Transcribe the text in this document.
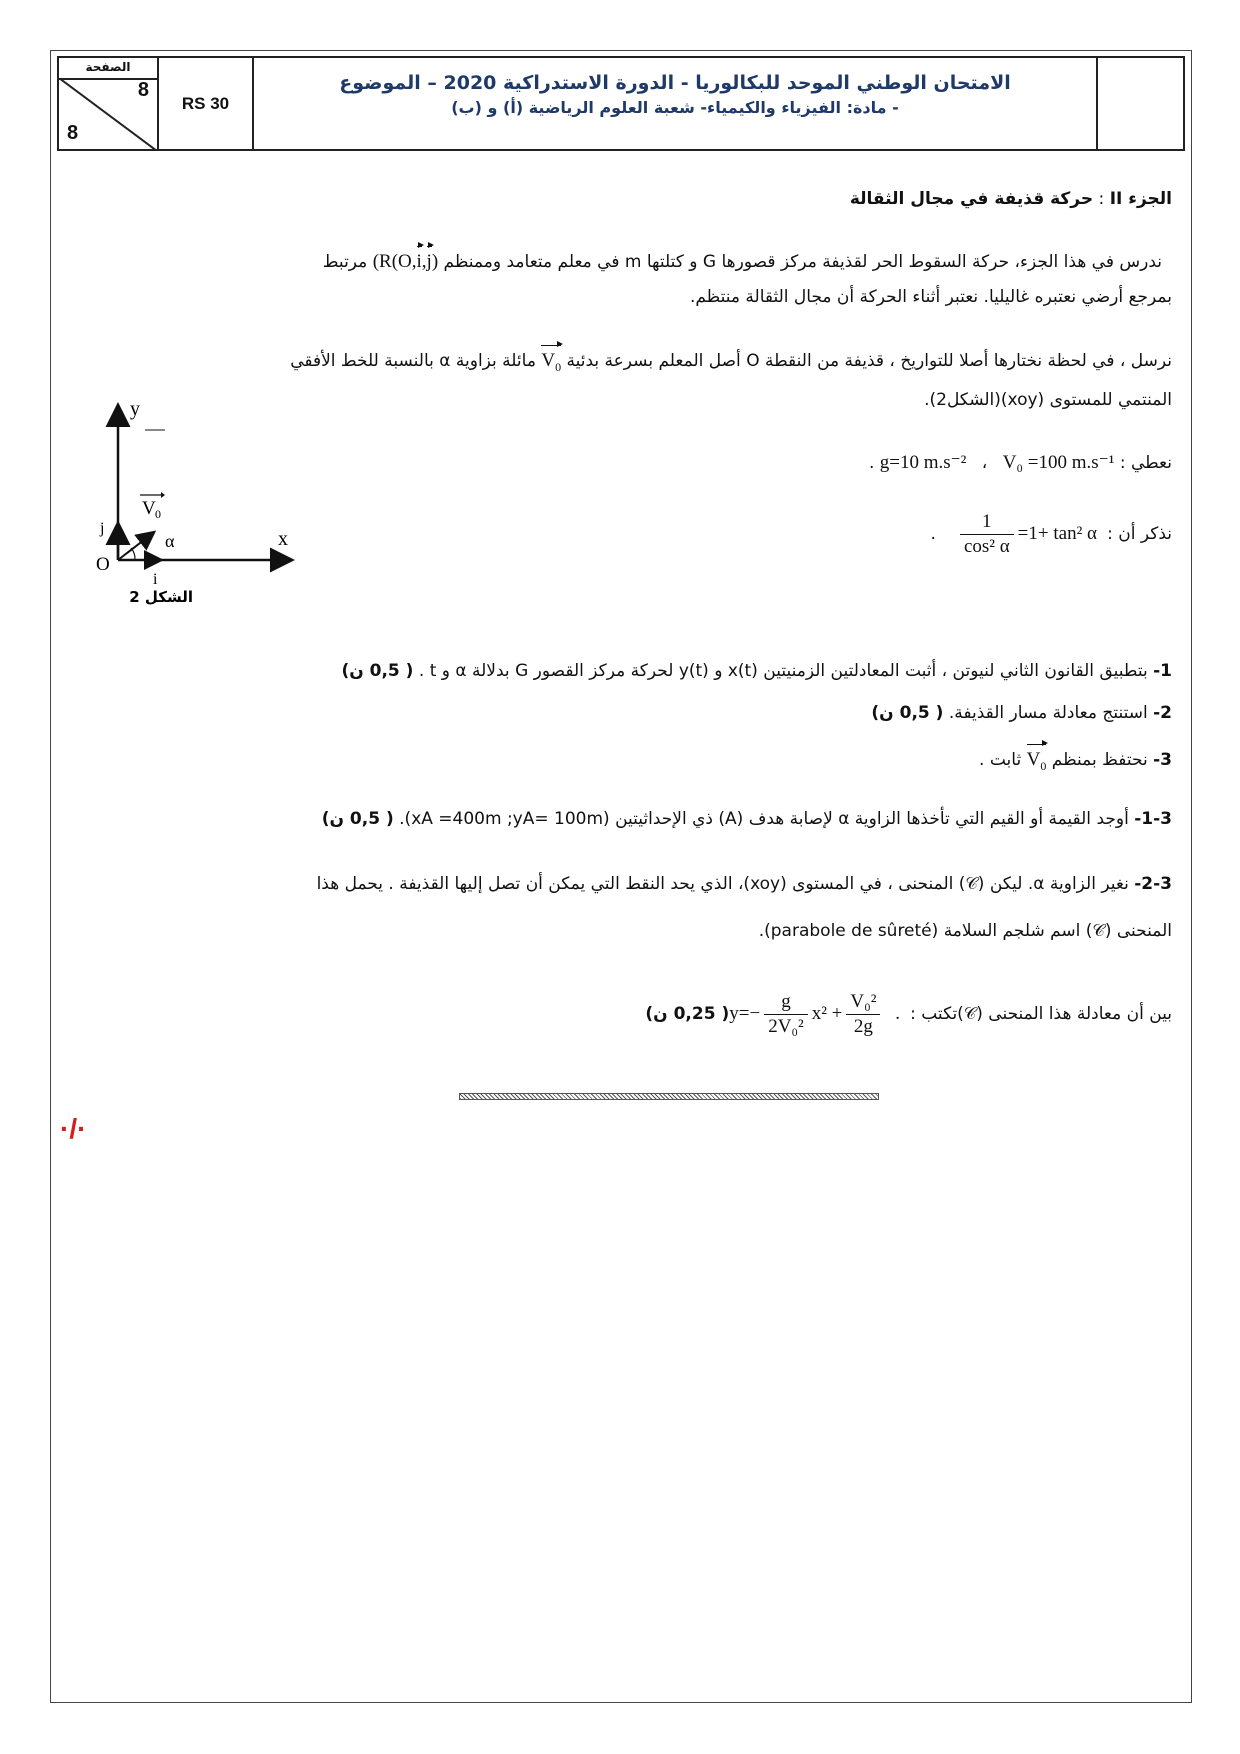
الصفحة
8
8
RS 30
الامتحان الوطني الموحد للبكالوريا - الدورة الاستدراكية 2020 – الموضوع
- مادة: الفيزياء والكيمياء- شعبة العلوم الرياضية (أ) و (ب)
الجزء II : حركة قذيفة في مجال الثقالة
ندرس في هذا الجزء، حركة السقوط الحر لقذيفة مركز قصورها G و كتلتها m في معلم متعامد وممنظم (R(O,i,j) مرتبط
بمرجع أرضي نعتبره غاليليا. نعتبر أثناء الحركة أن مجال الثقالة منتظم.
نرسل ، في لحظة نختارها أصلا للتواريخ ، قذيفة من النقطة O أصل المعلم بسرعة بدئية $V_0$ مائلة بزاوية α بالنسبة للخط الأفقي
المنتمي للمستوى (xoy)(الشكل2).
نعطي : V₀ =100 m.s⁻¹ ، g=10 m.s⁻² .
نذكر أن :
$\frac{1}{\text{cos² α}} =1+ \tan^2$ α .
y
x
O
i
j
α
V 0
الشكل 2
1- بتطبيق القانون الثاني لنيوتن ، أثبت المعادلتين الزمنيتين x(t) و y(t) لحركة مركز القصور G بدلالة α و t . ( 0,5 ن)
2- استنتج معادلة مسار القذيفة. ( 0,5 ن)
3- نحتفظ بمنظم $V_0$ ثابت .
1-3- أوجد القيمة أو القيم التي تأخذها الزاوية α لإصابة هدف (A) ذي الإحداثيتين (xA =400m ;yA= 100m). ( 0,5 ن)
2-3- نغير الزاوية α. ليكن (𝒞) المنحنى ، في المستوى (xoy)، الذي يحد النقط التي يمكن أن تصل إليها القذيفة . يحمل هذا
المنحنى (𝒞) اسم شلجم السلامة (parabole de sûreté).
بين أن معادلة هذا المنحنى (𝒞)تكتب : $y=- \frac{g}{\text{2V₀²}} x^2 + \frac{\text{V₀²}}{2g}$ . ( 0,25 ن)
·/·
